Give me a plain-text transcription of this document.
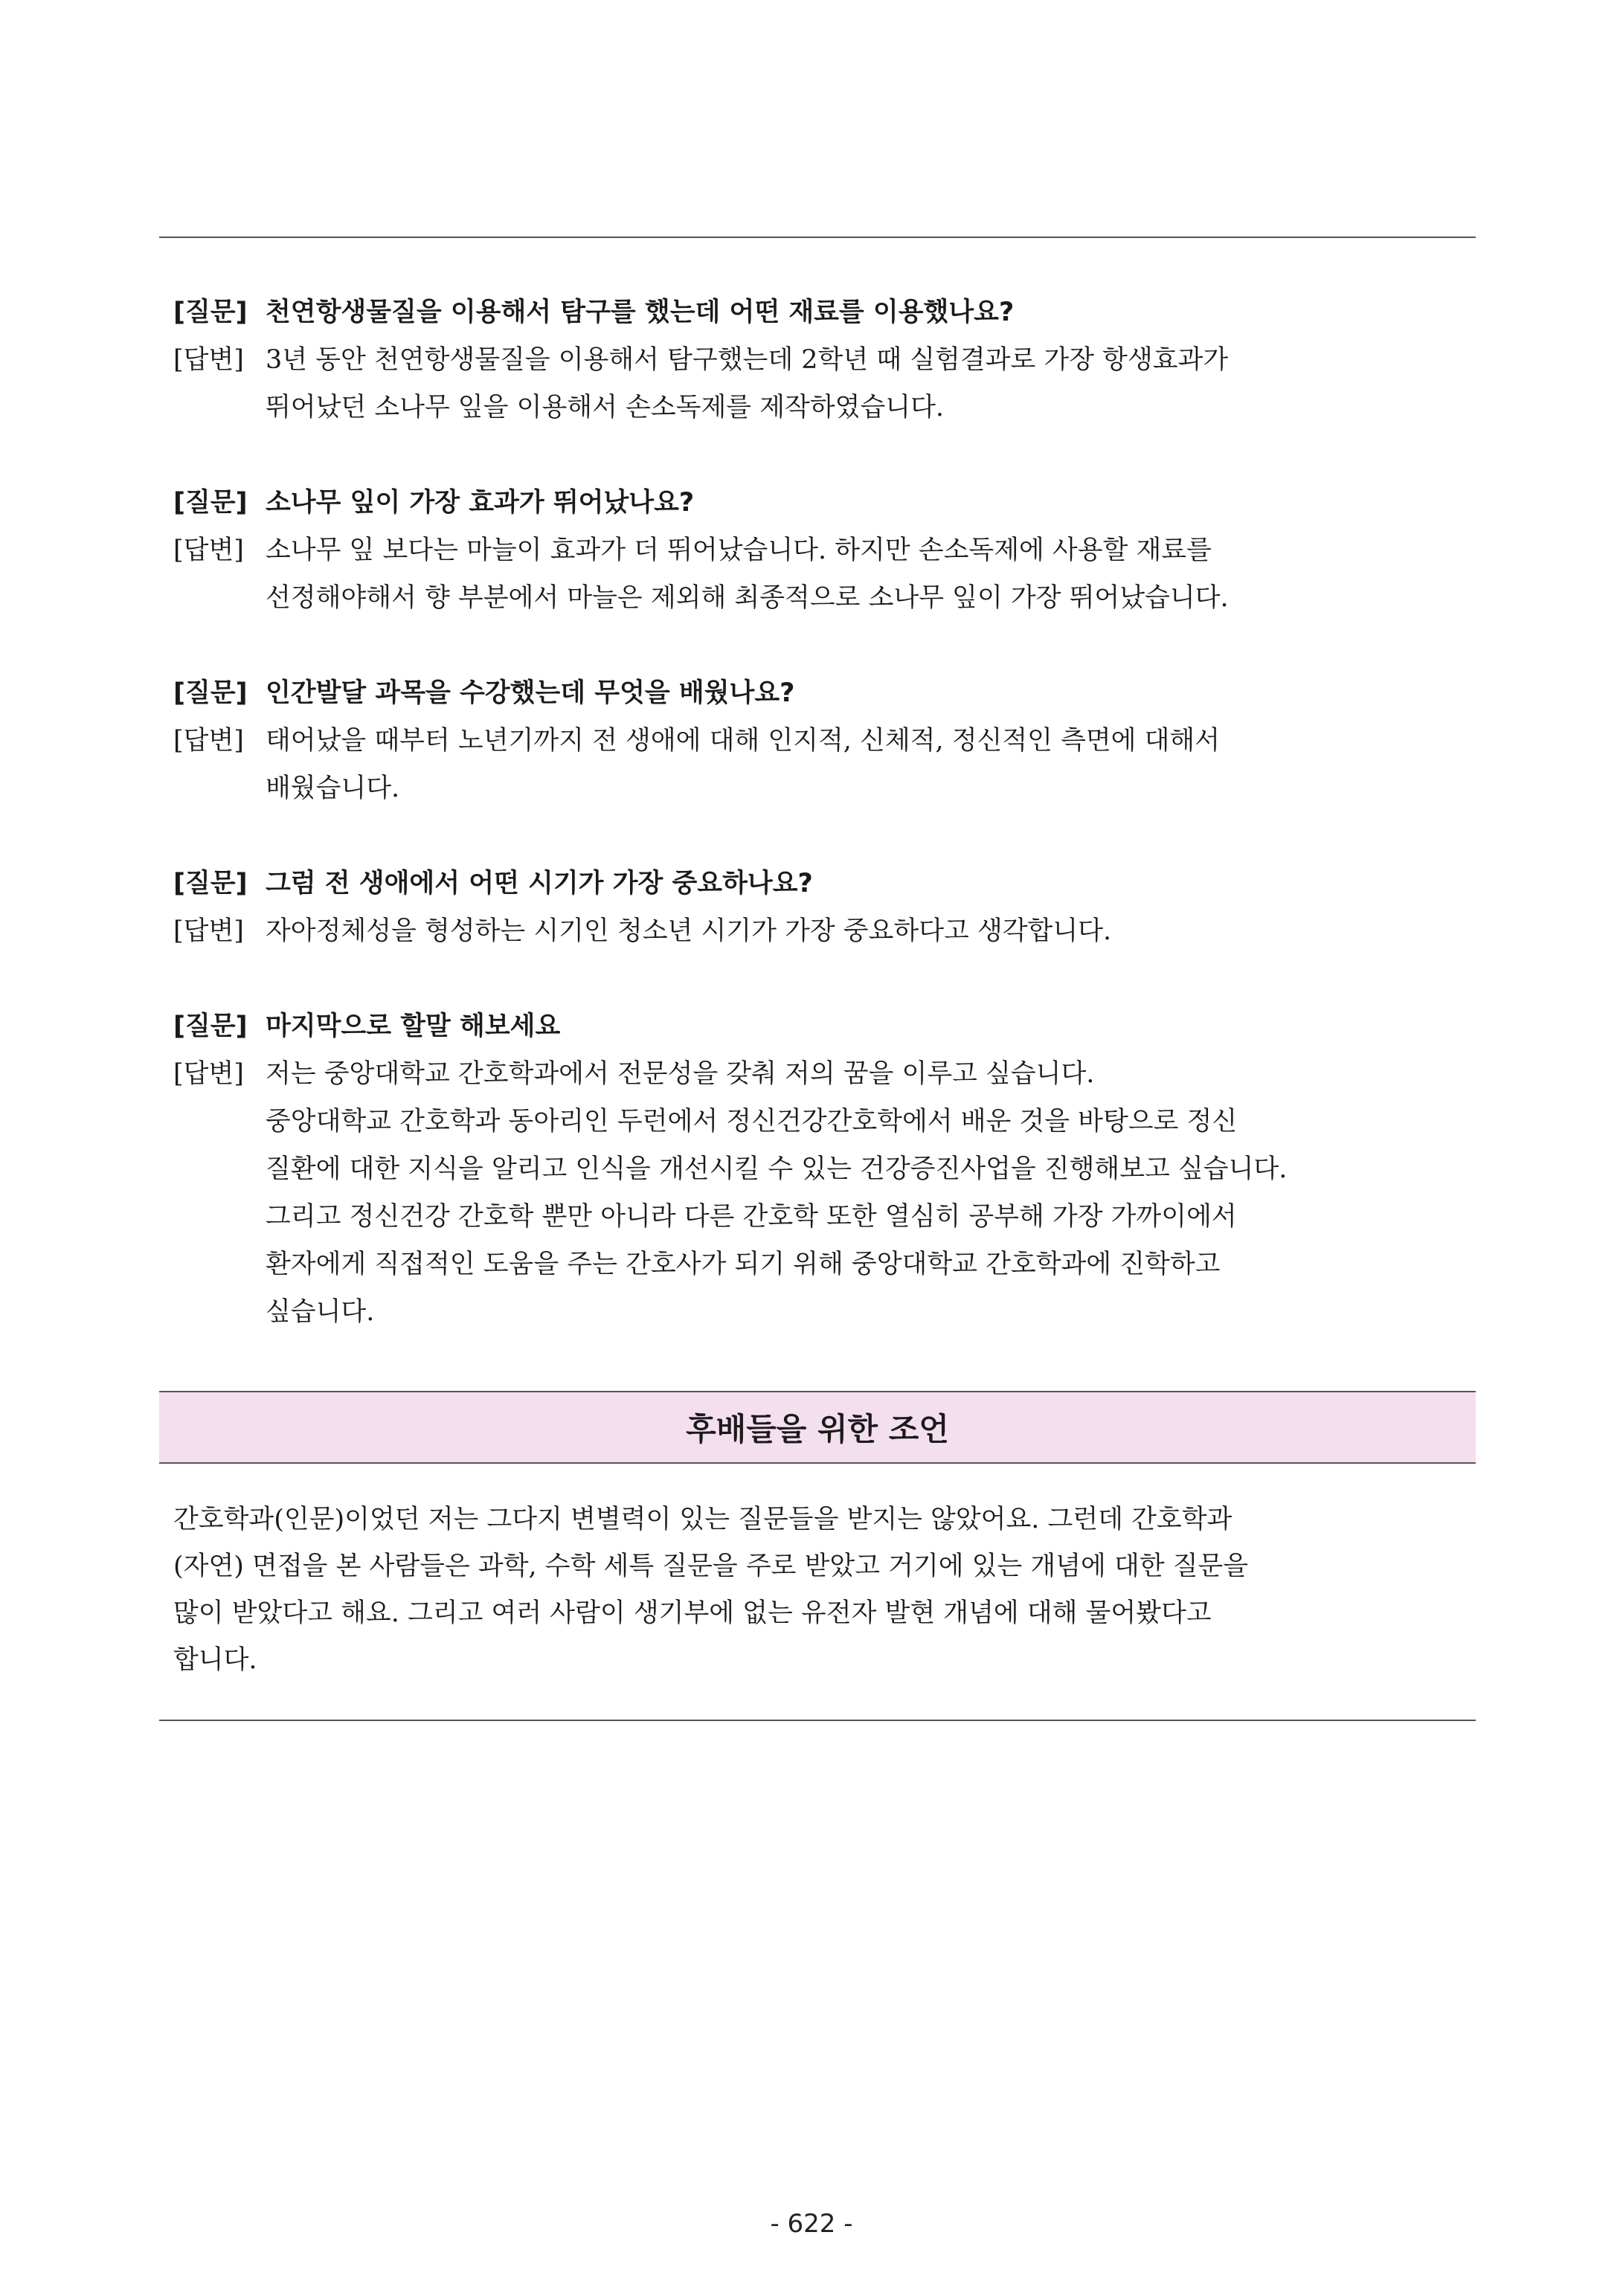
[질문] 천연항생물질을 이용해서 탐구를 했는데 어떤 재료를 이용했나요?
[답변] 3년 동안 천연항생물질을 이용해서 탐구했는데 2학년 때 실험결과로 가장 항생효과가
뛰어났던 소나무 잎을 이용해서 손소독제를 제작하였습니다.
[질문] 소나무 잎이 가장 효과가 뛰어났나요?
[답변] 소나무 잎 보다는 마늘이 효과가 더 뛰어났습니다. 하지만 손소독제에 사용할 재료를
선정해야해서 향 부분에서 마늘은 제외해 최종적으로 소나무 잎이 가장 뛰어났습니다.
[질문] 인간발달 과목을 수강했는데 무엇을 배웠나요?
[답변] 태어났을 때부터 노년기까지 전 생애에 대해 인지적, 신체적, 정신적인 측면에 대해서
배웠습니다.
[질문] 그럼 전 생애에서 어떤 시기가 가장 중요하나요?
[답변] 자아정체성을 형성하는 시기인 청소년 시기가 가장 중요하다고 생각합니다.
[질문] 마지막으로 할말 해보세요
[답변] 저는 중앙대학교 간호학과에서 전문성을 갖춰 저의 꿈을 이루고 싶습니다.
중앙대학교 간호학과 동아리인 두런에서 정신건강간호학에서 배운 것을 바탕으로 정신
질환에 대한 지식을 알리고 인식을 개선시킬 수 있는 건강증진사업을 진행해보고 싶습니다.
그리고 정신건강 간호학 뿐만 아니라 다른 간호학 또한 열심히 공부해 가장 가까이에서
환자에게 직접적인 도움을 주는 간호사가 되기 위해 중앙대학교 간호학과에 진학하고
싶습니다.
후배들을 위한 조언
간호학과(인문)이었던 저는 그다지 변별력이 있는 질문들을 받지는 않았어요. 그런데 간호학과
(자연) 면접을 본 사람들은 과학, 수학 세특 질문을 주로 받았고 거기에 있는 개념에 대한 질문을
많이 받았다고 해요. 그리고 여러 사람이 생기부에 없는 유전자 발현 개념에 대해 물어봤다고
합니다.
- 622 -
